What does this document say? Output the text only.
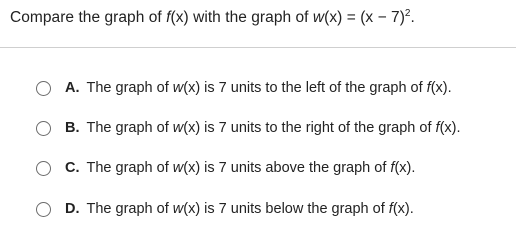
Compare the graph of f(x) with the graph of $w(x) = (x - 7)^2$.
A. The graph of w(x) is 7 units to the left of the graph of f(x).
B. The graph of w(x) is 7 units to the right of the graph of f(x).
C. The graph of w(x) is 7 units above the graph of f(x).
D. The graph of w(x) is 7 units below the graph of f(x).
